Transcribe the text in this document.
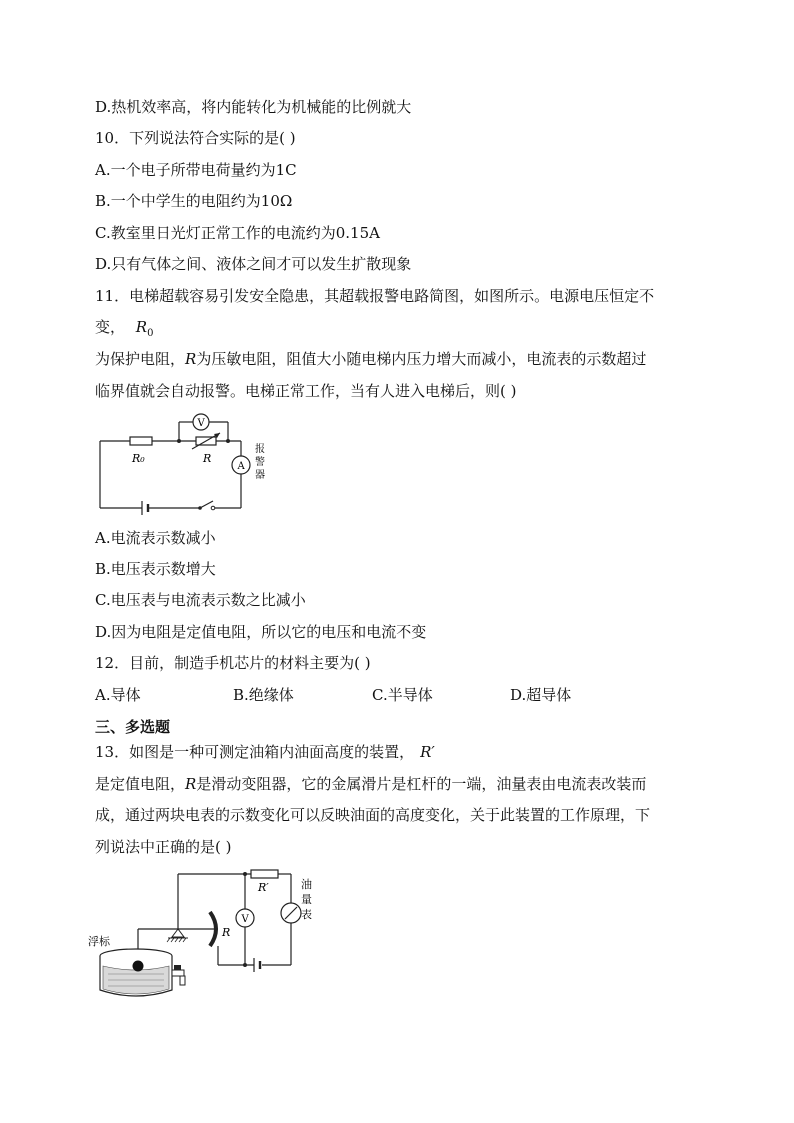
D.热机效率高，将内能转化为机械能的比例就大
10．下列说法符合实际的是( )
A.一个电子所带电荷量约为1C
B.一个中学生的电阻约为10Ω
C.教室里日光灯正常工作的电流约为0.15A
D.只有气体之间、液体之间才可以发生扩散现象
11．电梯超载容易引发安全隐患，其超载报警电路简图，如图所示。电源电压恒定不
变， $R_0$
为保护电阻，R为压敏电阻，阻值大小随电梯内压力增大而减小，电流表的示数超过
临界值就会自动报警。电梯正常工作，当有人进入电梯后，则( )
R₀	R
V
A
报
警
器
A.电流表示数减小
B.电压表示数增大
C.电压表与电流表示数之比减小
D.因为电阻是定值电阻，所以它的电压和电流不变
12．目前，制造手机芯片的材料主要为( )
A.导体	B.绝缘体	C.半导体	D.超导体
三、多选题
13．如图是一种可测定油箱内油面高度的装置， R′
是定值电阻，R是滑动变阻器，它的金属滑片是杠杆的一端，油量表由电流表改装而
成，通过两块电表的示数变化可以反映油面的高度变化，关于此装置的工作原理，下
列说法中正确的是( )
R′
V
油
量
表
R
浮标
